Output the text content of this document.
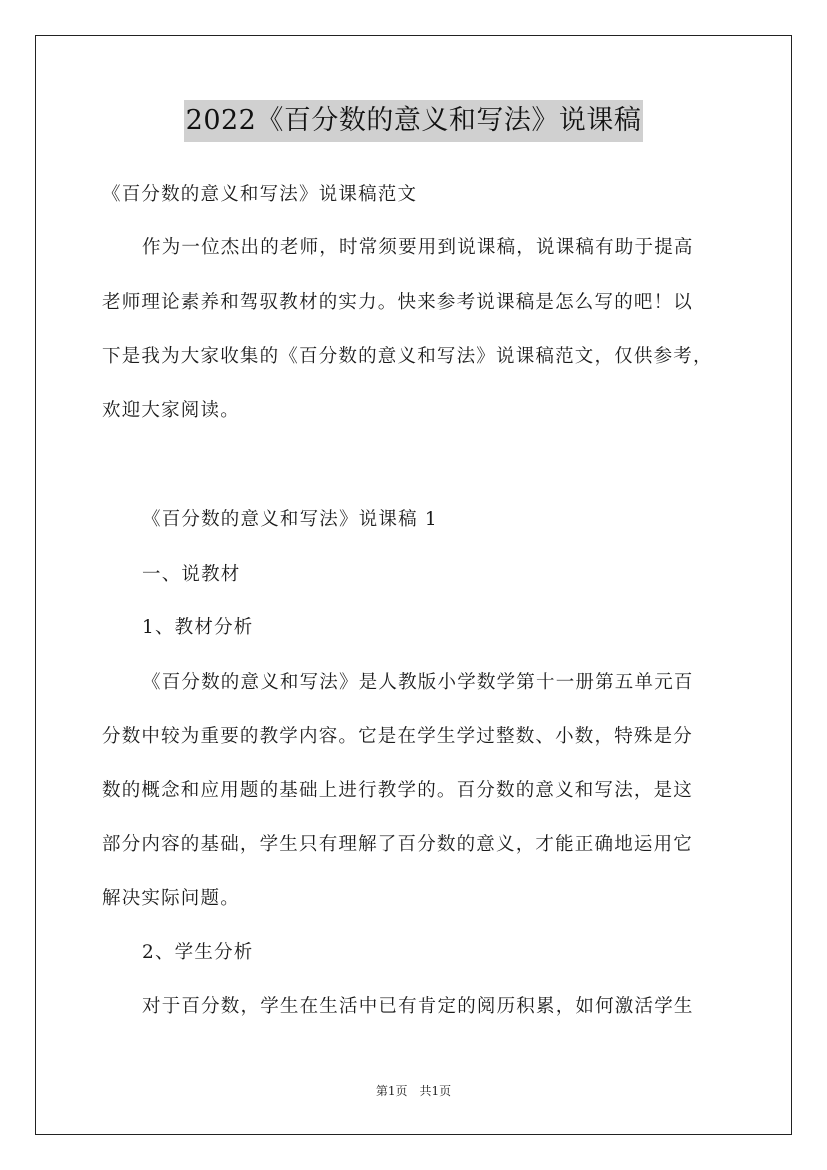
2022《百分数的意义和写法》说课稿
《百分数的意义和写法》说课稿范文
作为一位杰出的老师，时常须要用到说课稿，说课稿有助于提高
老师理论素养和驾驭教材的实力。快来参考说课稿是怎么写的吧！以
下是我为大家收集的《百分数的意义和写法》说课稿范文，仅供参考，
欢迎大家阅读。
《百分数的意义和写法》说课稿 1
一、说教材
1、教材分析
《百分数的意义和写法》是人教版小学数学第十一册第五单元百
分数中较为重要的教学内容。它是在学生学过整数、小数，特殊是分
数的概念和应用题的基础上进行教学的。百分数的意义和写法，是这
部分内容的基础，学生只有理解了百分数的意义，才能正确地运用它
解决实际问题。
2、学生分析
对于百分数，学生在生活中已有肯定的阅历积累，如何激活学生
第1页　共1页
